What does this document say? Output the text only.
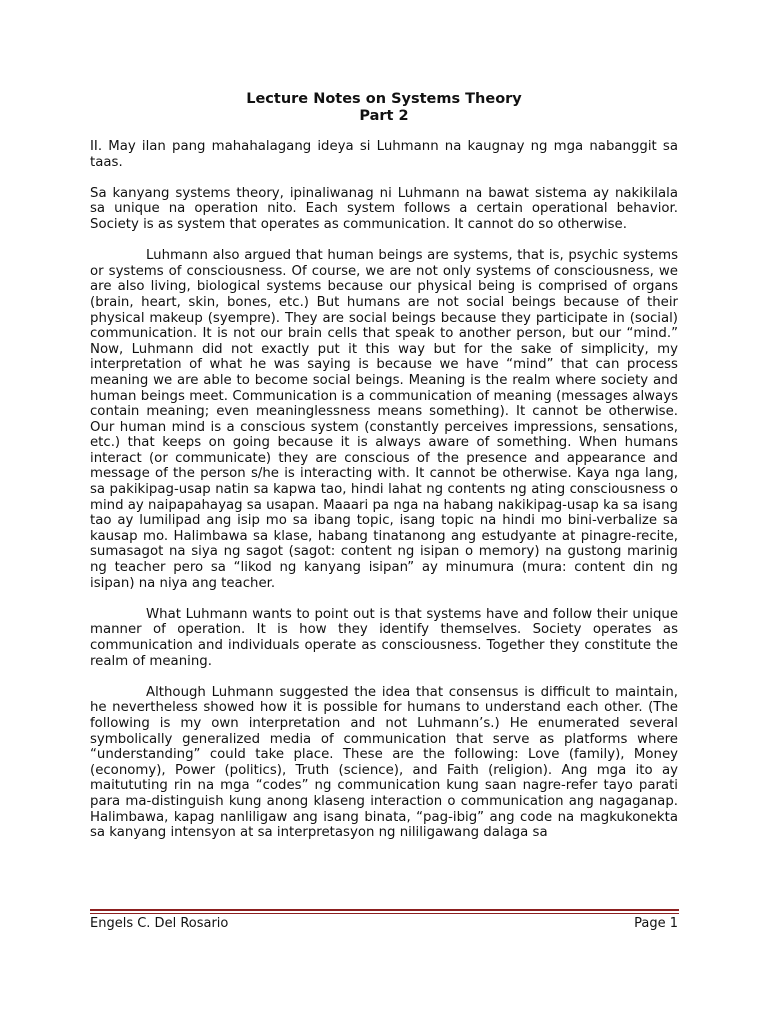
Lecture Notes on Systems Theory
Part 2

II. May ilan pang mahahalagang ideya si Luhmann na kaugnay ng mga nabanggit sa taas.

Sa kanyang systems theory, ipinaliwanag ni Luhmann na bawat sistema ay nakikilala sa unique na operation nito. Each system follows a certain operational behavior. Society is as system that operates as communication. It cannot do so otherwise.

Luhmann also argued that human beings are systems, that is, psychic systems or systems of consciousness. Of course, we are not only systems of consciousness, we are also living, biological systems because our physical being is comprised of organs (brain, heart, skin, bones, etc.) But humans are not social beings because of their physical makeup (syempre). They are social beings because they participate in (social) communication. It is not our brain cells that speak to another person, but our “mind.” Now, Luhmann did not exactly put it this way but for the sake of simplicity, my interpretation of what he was saying is because we have “mind” that can process meaning we are able to become social beings. Meaning is the realm where society and human beings meet. Communication is a communication of meaning (messages always contain meaning; even meaninglessness means something). It cannot be otherwise. Our human mind is a conscious system (constantly perceives impressions, sensations, etc.) that keeps on going because it is always aware of something. When humans interact (or communicate) they are conscious of the presence and appearance and message of the person s/he is interacting with. It cannot be otherwise. Kaya nga lang, sa pakikipag-usap natin sa kapwa tao, hindi lahat ng contents ng ating consciousness o mind ay naipapahayag sa usapan. Maaari pa nga na habang nakikipag-usap ka sa isang tao ay lumilipad ang isip mo sa ibang topic, isang topic na hindi mo bini-verbalize sa kausap mo. Halimbawa sa klase, habang tinatanong ang estudyante at pinagre-recite, sumasagot na siya ng sagot (sagot: content ng isipan o memory) na gustong marinig ng teacher pero sa “likod ng kanyang isipan” ay minumura (mura: content din ng isipan) na niya ang teacher.

What Luhmann wants to point out is that systems have and follow their unique manner of operation. It is how they identify themselves. Society operates as communication and individuals operate as consciousness. Together they constitute the realm of meaning.

Although Luhmann suggested the idea that consensus is difficult to maintain, he nevertheless showed how it is possible for humans to understand each other. (The following is my own interpretation and not Luhmann’s.) He enumerated several symbolically generalized media of communication that serve as platforms where “understanding” could take place. These are the following: Love (family), Money (economy), Power (politics), Truth (science), and Faith (religion). Ang mga ito ay maitututing rin na mga “codes” ng communication kung saan nagre-refer tayo parati para ma-distinguish kung anong klaseng interaction o communication ang nagaganap. Halimbawa, kapag nanliligaw ang isang binata, “pag-ibig” ang code na magkukonekta sa kanyang intensyon at sa interpretasyon ng nililigawang dalaga sa

Engels C. Del Rosario	Page 1
